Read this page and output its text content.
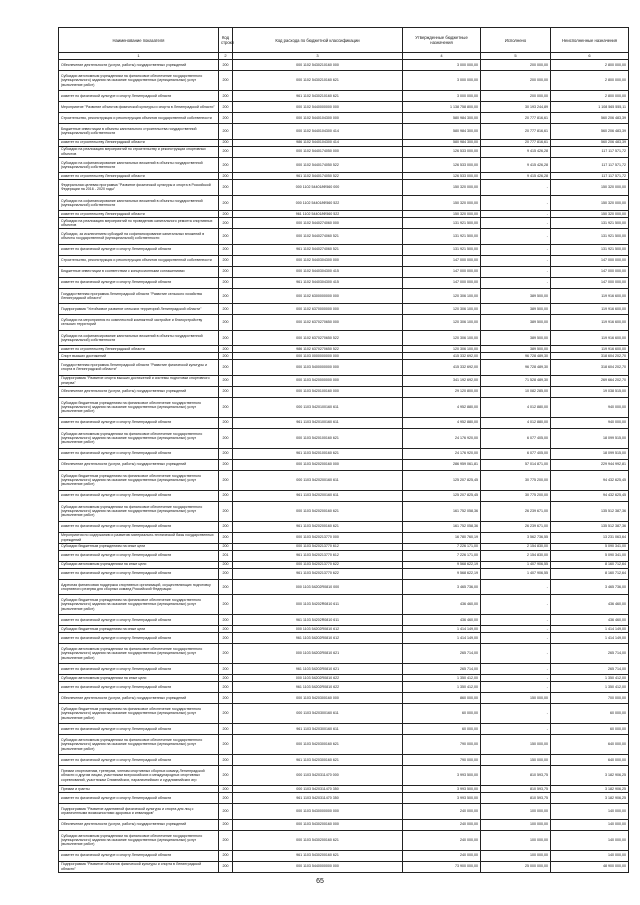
Наименование показателя	Код строки	Код расхода по бюджетной классификации	Утвержденные бюджетные назначения	Исполнено	Неисполненные назначения
1	2	3	4	5	6
Обеспечение деятельности (услуги, работы) государственных учреждений	200	000 1102 5430210160 000	3 000 000,00	200 000,00	2 800 000,00
Субсидии автономным учреждениям на финансовое обеспечение государственного (муниципального) задания на оказание государственных (муниципальных) услуг (выполнение работ)	200	000 1102 5430210160 621	3 000 000,00	200 000,00	2 800 000,00
комитет по физической культуре и спорту Ленинградской области	200	961 1102 5430210160 621	3 000 000,00	200 000,00	2 800 000,00
Мероприятие "Развитие объектов физической культуры и спорта в Ленинградской области"	200	000 1102 5440000000 000	1 138 758 800,00	30 193 244,89	1 108 565 555,11
Строительство, реконструкция и реконструкция объектов государственной собственности	200	000 1102 5440104300 000	580 984 300,00	20 777 816,61	560 206 483,39
Бюджетные инвестиции в объекты капитального строительства государственной (муниципальной) собственности	200	000 1102 5440104300 414	580 984 300,00	20 777 816,61	560 206 483,39
комитет по строительству Ленинградской области	200	986 1102 5440104300 414	580 984 300,00	20 777 816,61	560 206 483,39
Субсидии на реализацию мероприятий по строительству и реконструкции спортивных объектов	200	000 1102 5440174050 000	126 533 000,00	9 415 426,28	117 117 571,72
Субсидии на софинансирование капитальных вложений в объекты государственной (муниципальной) собственности	200	000 1102 5440174050 522	126 533 000,00	9 415 426,28	117 117 571,72
комитет по строительству Ленинградской области	200	961 1102 5440174050 522	126 533 000,00	9 415 426,28	117 117 571,72
Федеральная целевая программа "Развитие физической культуры и спорта в Российской Федерации на 2016 - 2020 годы"	200	000 1102 544018Ф560 000	150 320 000,00	-	150 320 000,00
Субсидии на софинансирование капитальных вложений в объекты государственной (муниципальной) собственности	200	000 1102 544018Ф560 522	150 320 000,00	-	150 320 000,00
комитет по строительству Ленинградской области	200	961 1102 544018Ф560 522	150 320 000,00	-	150 320 000,00
Субсидии на реализацию мероприятий по проведению капитального ремонта спортивных объектов	200	000 1102 5440274060 000	131 921 500,00	-	131 921 500,00
Субсидии, за исключением субсидий на софинансирование капитальных вложений в объекты государственной (муниципальной) собственности	200	000 1102 5440274060 521	131 921 500,00	-	131 921 500,00
комитет по физической культуре и спорту Ленинградской области	200	961 1102 5440274060 521	131 921 500,00	-	131 921 500,00
Строительство, реконструкция и реконструкция объектов государственной собственности	200	000 1102 5440304300 000	147 000 000,00	-	147 000 000,00
Бюджетные инвестиции в соответствии с концессионными соглашениями	200	000 1102 5440304300 415	147 000 000,00	-	147 000 000,00
комитет по физической культуре и спорту Ленинградской области	200	961 1102 5440304300 415	147 000 000,00	-	147 000 000,00
Государственная программа Ленинградской области "Развитие сельского хозяйства Ленинградской области"	200	000 1102 6300000000 000	120 306 100,00	389 500,00	119 916 600,00
Подпрограмма "Устойчивое развитие сельских территорий Ленинградской области"	200	000 1102 6370000000 000	120 306 100,00	389 500,00	119 916 600,00
Субсидии на мероприятия по комплексной компактной застройке и благоустройству сельских территорий	200	000 1102 6370270650 000	120 306 100,00	389 500,00	119 916 600,00
Субсидии на софинансирование капитальных вложений в объекты государственной (муниципальной) собственности	200	000 1102 6370270650 522	120 306 100,00	389 500,00	119 916 600,00
комитет по строительству Ленинградской области	200	986 1102 6370270650 522	120 306 100,00	389 500,00	119 916 600,00
Спорт высших достижений	200	000 1103 0000000000 000	415 332 692,00	96 728 489,30	318 604 202,70
Государственная программа Ленинградской области "Развитие физической культуры и спорта в Ленинградской области"	200	000 1103 5400000000 000	415 332 692,00	96 728 489,30	318 604 202,70
Подпрограмма "Развитие спорта высших достижений и системы подготовки спортивного резерва"	200	000 1103 5420000000 000	341 192 692,00	71 528 489,30	269 664 202,70
Обеспечение деятельности (услуги, работы) государственных учреждений	200	000 1103 5420100160 000	29 120 800,00	10 082 285,00	19 038 515,00
Субсидии бюджетным учреждениям на финансовое обеспечение государственного (муниципального) задания на оказание государственных (муниципальных) услуг (выполнение работ)	200	000 1103 5420100160 611	4 952 880,00	4 012 880,00	940 000,00
комитет по физической культуре и спорту Ленинградской области	200	961 1103 5420100160 611	4 952 880,00	4 012 880,00	940 000,00
Субсидии автономным учреждениям на финансовое обеспечение государственного (муниципального) задания на оказание государственных (муниципальных) услуг (выполнение работ)	200	000 1103 5420100160 621	24 176 920,00	6 077 405,00	18 099 515,00
комитет по физической культуре и спорту Ленинградской области	200	961 1103 5420100160 621	24 176 920,00	6 077 405,00	18 099 515,00
Обеспечение деятельности (услуги, работы) государственных учреждений	200	000 1103 5420200160 000	286 959 061,81	57 014 871,00	229 944 992,81
Субсидии бюджетным учреждениям на финансовое обеспечение государственного (муниципального) задания на оказание государственных (муниципальных) услуг (выполнение работ)	200	000 1103 5420200160 611	125 207 825,45	30 775 200,00	94 432 625,45
комитет по физической культуре и спорту Ленинградской области	200	961 1103 5420200160 611	125 207 825,45	30 775 200,00	94 432 625,45
Субсидии автономным учреждениям на финансовое обеспечение государственного (муниципального) задания на оказание государственных (муниципальных) услуг (выполнение работ)	200	000 1103 5420200160 621	161 752 058,36	26 239 671,00	135 512 387,36
комитет по физической культуре и спорту Ленинградской области	200	961 1103 5420200160 621	161 752 058,36	26 239 671,00	135 512 387,36
Мероприятия по содержанию и развитию материально-технической базы государственных учреждений	200	000 1103 5420213770 000	16 780 760,19	3 562 736,55	13 231 063,64
Субсидии бюджетным учреждениям на иные цели	200	000 1103 5420213770 612	7 226 171,00	2 154 830,00	5 090 341,00
комитет по физической культуре и спорту Ленинградской области	201	961 1103 5420213770 612	7 226 171,00	2 154 830,00	5 090 341,00
Субсидии автономным учреждениям на иные цели	200	000 1103 5420213770 622	9 568 622,19	1 407 906,55	8 160 712,64
комитет по физической культуре и спорту Ленинградской области	200	961 1103 5420213770 622	9 568 622,19	1 407 906,55	8 160 712,64
Адресная финансовая поддержка спортивных организаций, осуществляющих подготовку спортивного резерва для сборных команд Российской Федерации	200	000 1103 54202R0810 000	3 465 736,00	-	3 465 736,00
Субсидии бюджетным учреждениям на финансовое обеспечение государственного (муниципального) задания на оказание государственных (муниципальных) услуг (выполнение работ)	200	000 1103 54202R0810 611	436 460,00	-	436 460,00
комитет по физической культуре и спорту Ленинградской области	200	961 1103 54202R0810 611	436 460,00	-	436 460,00
Субсидии бюджетным учреждениям на иные цели	200	000 1103 54202R0810 612	1 414 149,00	-	1 414 149,00
комитет по физической культуре и спорту Ленинградской области	200	961 1103 54202R0810 612	1 414 149,00	-	1 414 149,00
Субсидии автономным учреждениям на финансовое обеспечение государственного (муниципального) задания на оказание государственных (муниципальных) услуг (выполнение работ)	200	000 1103 54202R0810 621	265 714,00	-	265 714,00
комитет по физической культуре и спорту Ленинградской области	200	961 1103 54202R0810 621	265 714,00	-	265 714,00
Субсидии автономным учреждениям на иные цели	200	000 1103 54202R0810 622	1 350 412,00	-	1 350 412,00
комитет по физической культуре и спорту Ленинградской области	200	961 1103 54202R0810 622	1 350 412,00	-	1 350 412,00
Обеспечение деятельности (услуги, работы) государственных учреждений	200	000 1103 5420300160 000	860 000,00	150 000,00	700 000,00
Субсидии бюджетным учреждениям на финансовое обеспечение государственного (муниципального) задания на оказание государственных (муниципальных) услуг (выполнение работ)	200	000 1103 5420300160 611	60 000,00	-	60 000,00
комитет по физической культуре и спорту Ленинградской области	200	961 1103 5420300160 611	60 000,00	-	60 000,00
Субсидии автономным учреждениям на финансовое обеспечение государственного (муниципального) задания на оказание государственных (муниципальных) услуг (выполнение работ)	200	000 1103 5420300160 621	790 000,00	150 000,00	640 000,00
комитет по физической культуре и спорту Ленинградской области	200	961 1103 5420300160 621	790 000,00	150 000,00	640 000,00
Премии спортсменам, тренерам, членам спортивных сборных команд Ленинградской области и другим лицам, участникам всероссийских и международных спортивных соревнований, участникам Олимпийских, паралимпийских и сурдлимпийских игр	200	000 1103 5420311470 000	3 993 500,00	810 593,75	3 182 906,25
Премии и гранты	200	000 1103 5420311470 350	3 993 500,00	810 593,75	3 182 906,25
комитет по физической культуре и спорту Ленинградской области	200	961 1103 5420311470 350	3 993 500,00	810 593,75	3 182 906,25
Подпрограмма "Развитие адаптивной физической культуры и спорта для лиц с ограниченными возможностями здоровья и инвалидов"	200	000 1103 5430000000 000	240 000,00	100 000,00	140 000,00
Обеспечение деятельности (услуги, работы) государственных учреждений	200	000 1103 5430200160 000	240 000,00	100 000,00	140 000,00
Субсидии автономным учреждениям на финансовое обеспечение государственного (муниципального) задания на оказание государственных (муниципальных) услуг (выполнение работ)	200	000 1103 5430200160 621	240 000,00	100 000,00	140 000,00
комитет по физической культуре и спорту Ленинградской области	200	961 1103 5430200160 621	240 000,00	100 000,00	140 000,00
Подпрограмма "Развитие объектов физической культуры и спорта в Ленинградской области"	200	000 1103 5440000000 000	73 900 000,00	25 000 000,00	48 900 000,00
65
